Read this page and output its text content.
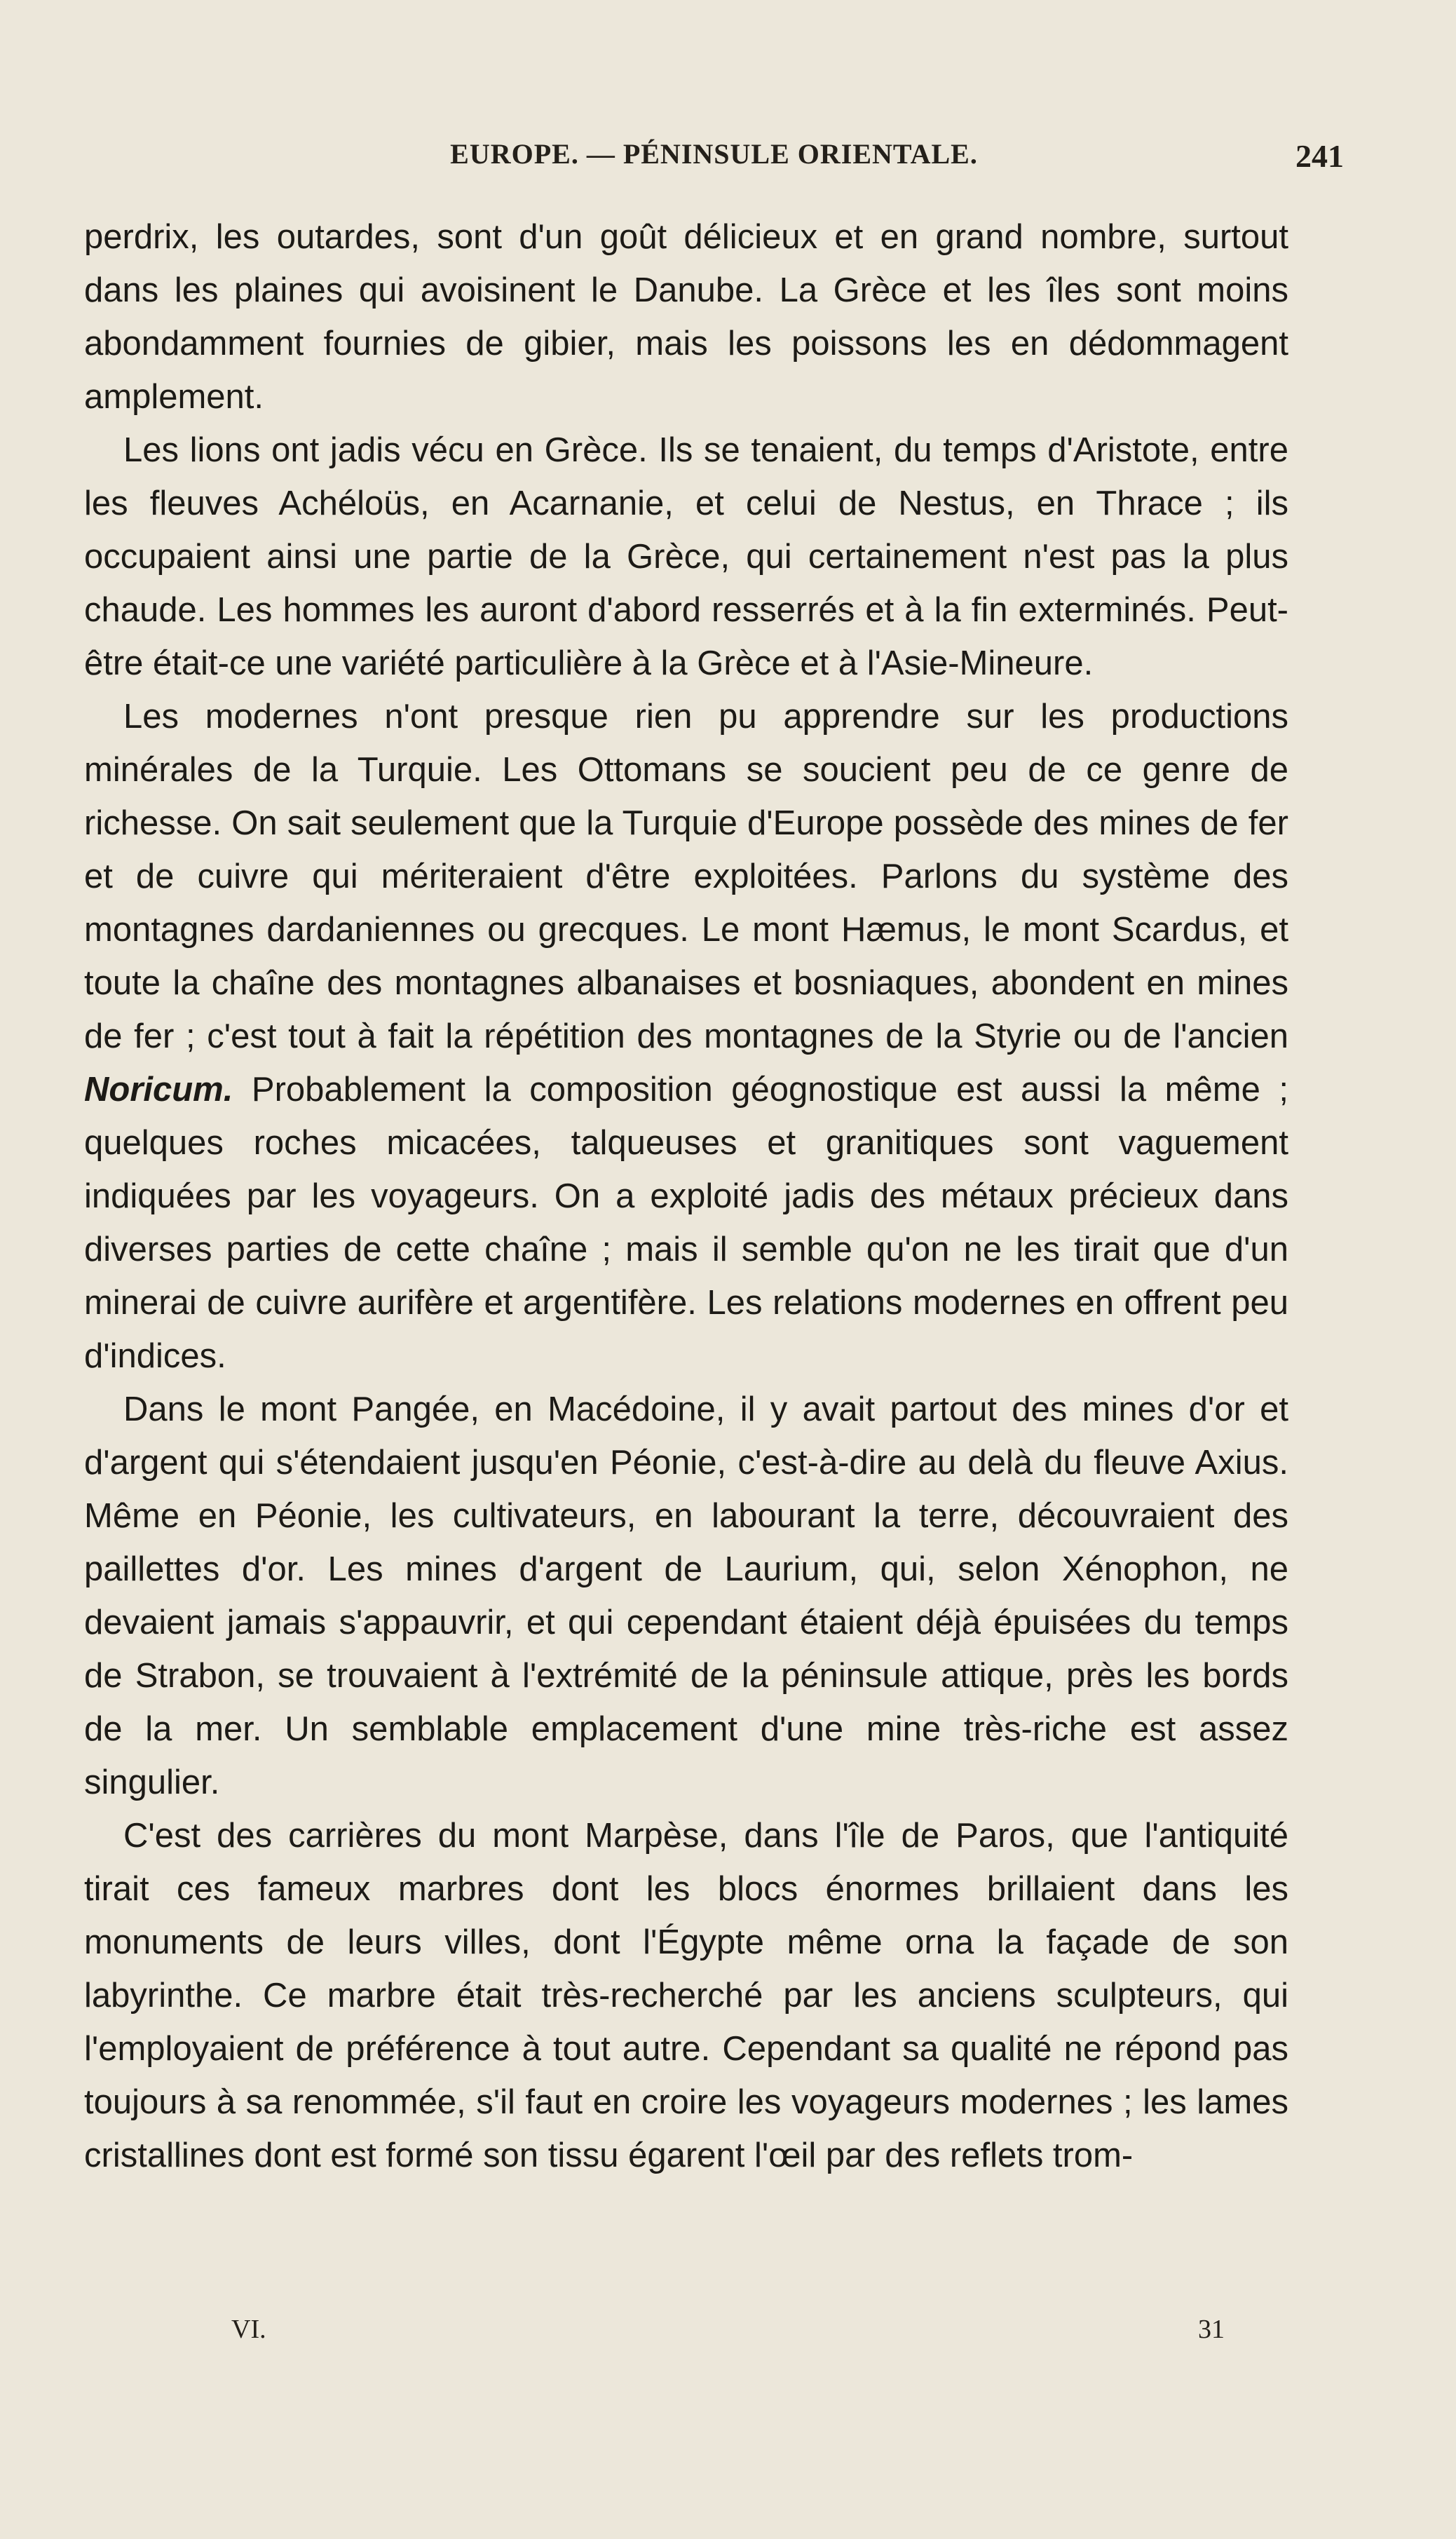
EUROPE. — PÉNINSULE ORIENTALE.	241

perdrix, les outardes, sont d'un goût délicieux et en grand nombre, surtout dans les plaines qui avoisinent le Danube. La Grèce et les îles sont moins abondamment fournies de gibier, mais les poissons les en dédommagent amplement.

Les lions ont jadis vécu en Grèce. Ils se tenaient, du temps d'Aristote, entre les fleuves Achéloüs, en Acarnanie, et celui de Nestus, en Thrace ; ils occupaient ainsi une partie de la Grèce, qui certainement n'est pas la plus chaude. Les hommes les auront d'abord resserrés et à la fin exterminés. Peut-être était-ce une variété particulière à la Grèce et à l'Asie-Mineure.

Les modernes n'ont presque rien pu apprendre sur les productions minérales de la Turquie. Les Ottomans se soucient peu de ce genre de richesse. On sait seulement que la Turquie d'Europe possède des mines de fer et de cuivre qui mériteraient d'être exploitées. Parlons du système des montagnes dardaniennes ou grecques. Le mont Hæmus, le mont Scardus, et toute la chaîne des montagnes albanaises et bosniaques, abondent en mines de fer ; c'est tout à fait la répétition des montagnes de la Styrie ou de l'ancien Noricum. Probablement la composition géognostique est aussi la même ; quelques roches micacées, talqueuses et granitiques sont vaguement indiquées par les voyageurs. On a exploité jadis des métaux précieux dans diverses parties de cette chaîne ; mais il semble qu'on ne les tirait que d'un minerai de cuivre aurifère et argentifère. Les relations modernes en offrent peu d'indices.

Dans le mont Pangée, en Macédoine, il y avait partout des mines d'or et d'argent qui s'étendaient jusqu'en Péonie, c'est-à-dire au delà du fleuve Axius. Même en Péonie, les cultivateurs, en labourant la terre, découvraient des paillettes d'or. Les mines d'argent de Laurium, qui, selon Xénophon, ne devaient jamais s'appauvrir, et qui cependant étaient déjà épuisées du temps de Strabon, se trouvaient à l'extrémité de la péninsule attique, près les bords de la mer. Un semblable emplacement d'une mine très-riche est assez singulier.

C'est des carrières du mont Marpèse, dans l'île de Paros, que l'antiquité tirait ces fameux marbres dont les blocs énormes brillaient dans les monuments de leurs villes, dont l'Égypte même orna la façade de son labyrinthe. Ce marbre était très-recherché par les anciens sculpteurs, qui l'employaient de préférence à tout autre. Cependant sa qualité ne répond pas toujours à sa renommée, s'il faut en croire les voyageurs modernes ; les lames cristallines dont est formé son tissu égarent l'œil par des reflets trom-

VI.	31
